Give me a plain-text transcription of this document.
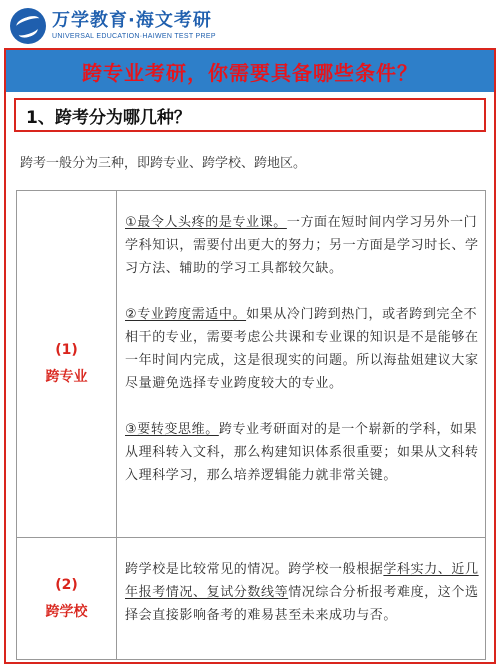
万学教育·海文考研
UNIVERSAL EDUCATION·HAIWEN TEST PREP
跨专业考研，你需要具备哪些条件？
1、跨考分为哪几种？
跨考一般分为三种，即跨专业、跨学校、跨地区。
(1)
跨专业

①最令人头疼的是专业课。一方面在短时间内学习另外一门学科知识，需要付出更大的努力；另一方面是学习时长、学习方法、辅助的学习工具都较欠缺。

②专业跨度需适中。如果从冷门跨到热门，或者跨到完全不相干的专业，需要考虑公共课和专业课的知识是不是能够在一年时间内完成，这是很现实的问题。所以海盐姐建议大家尽量避免选择专业跨度较大的专业。

③要转变思维。跨专业考研面对的是一个崭新的学科，如果从理科转入文科，那么构建知识体系很重要；如果从文科转入理科学习，那么培养逻辑能力就非常关键。

(2)
跨学校

跨学校是比较常见的情况。跨学校一般根据学科实力、近几年报考情况、复试分数线等情况综合分析报考难度，这个选择会直接影响备考的难易甚至未来成功与否。
